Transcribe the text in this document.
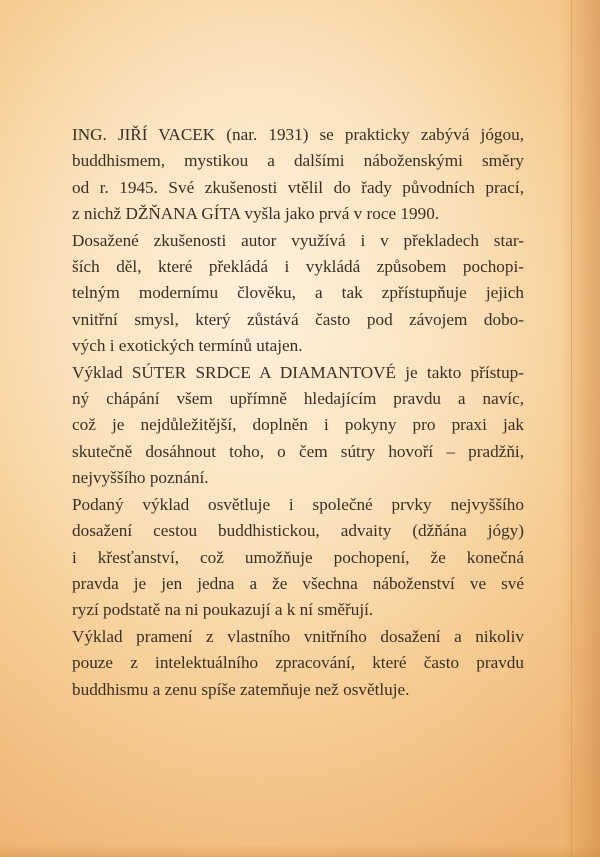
ING. JIŘÍ VACEK (nar. 1931) se prakticky zabývá jógou,
buddhismem, mystikou a dalšími náboženskými směry
od r. 1945. Své zkušenosti vtělil do řady původních prací,
z nichž DŽŇANA GÍTA vyšla jako prvá v roce 1990.

Dosažené zkušenosti autor využívá i v překladech star-
ších děl, které překládá i vykládá způsobem pochopi-
telným modernímu člověku, a tak zpřístupňuje jejich
vnitřní smysl, který zůstává často pod závojem dobo-
vých i exotických termínů utajen.

Výklad SÚTER SRDCE A DIAMANTOVÉ je takto přístup-
ný chápání všem upřímně hledajícím pravdu a navíc,
což je nejdůležitější, doplněn i pokyny pro praxi jak
skutečně dosáhnout toho, o čem sútry hovoří – pradžňi,
nejvyššího poznání.

Podaný výklad osvětluje i společné prvky nejvyššího
dosažení cestou buddhistickou, advaity (džňána jógy)
i křesťanství, což umožňuje pochopení, že konečná
pravda je jen jedna a že všechna náboženství ve své
ryzí podstatě na ni poukazují a k ní směřují.

Výklad pramení z vlastního vnitřního dosažení a nikoliv
pouze z intelektuálního zpracování, které často pravdu
buddhismu a zenu spíše zatemňuje než osvětluje.
